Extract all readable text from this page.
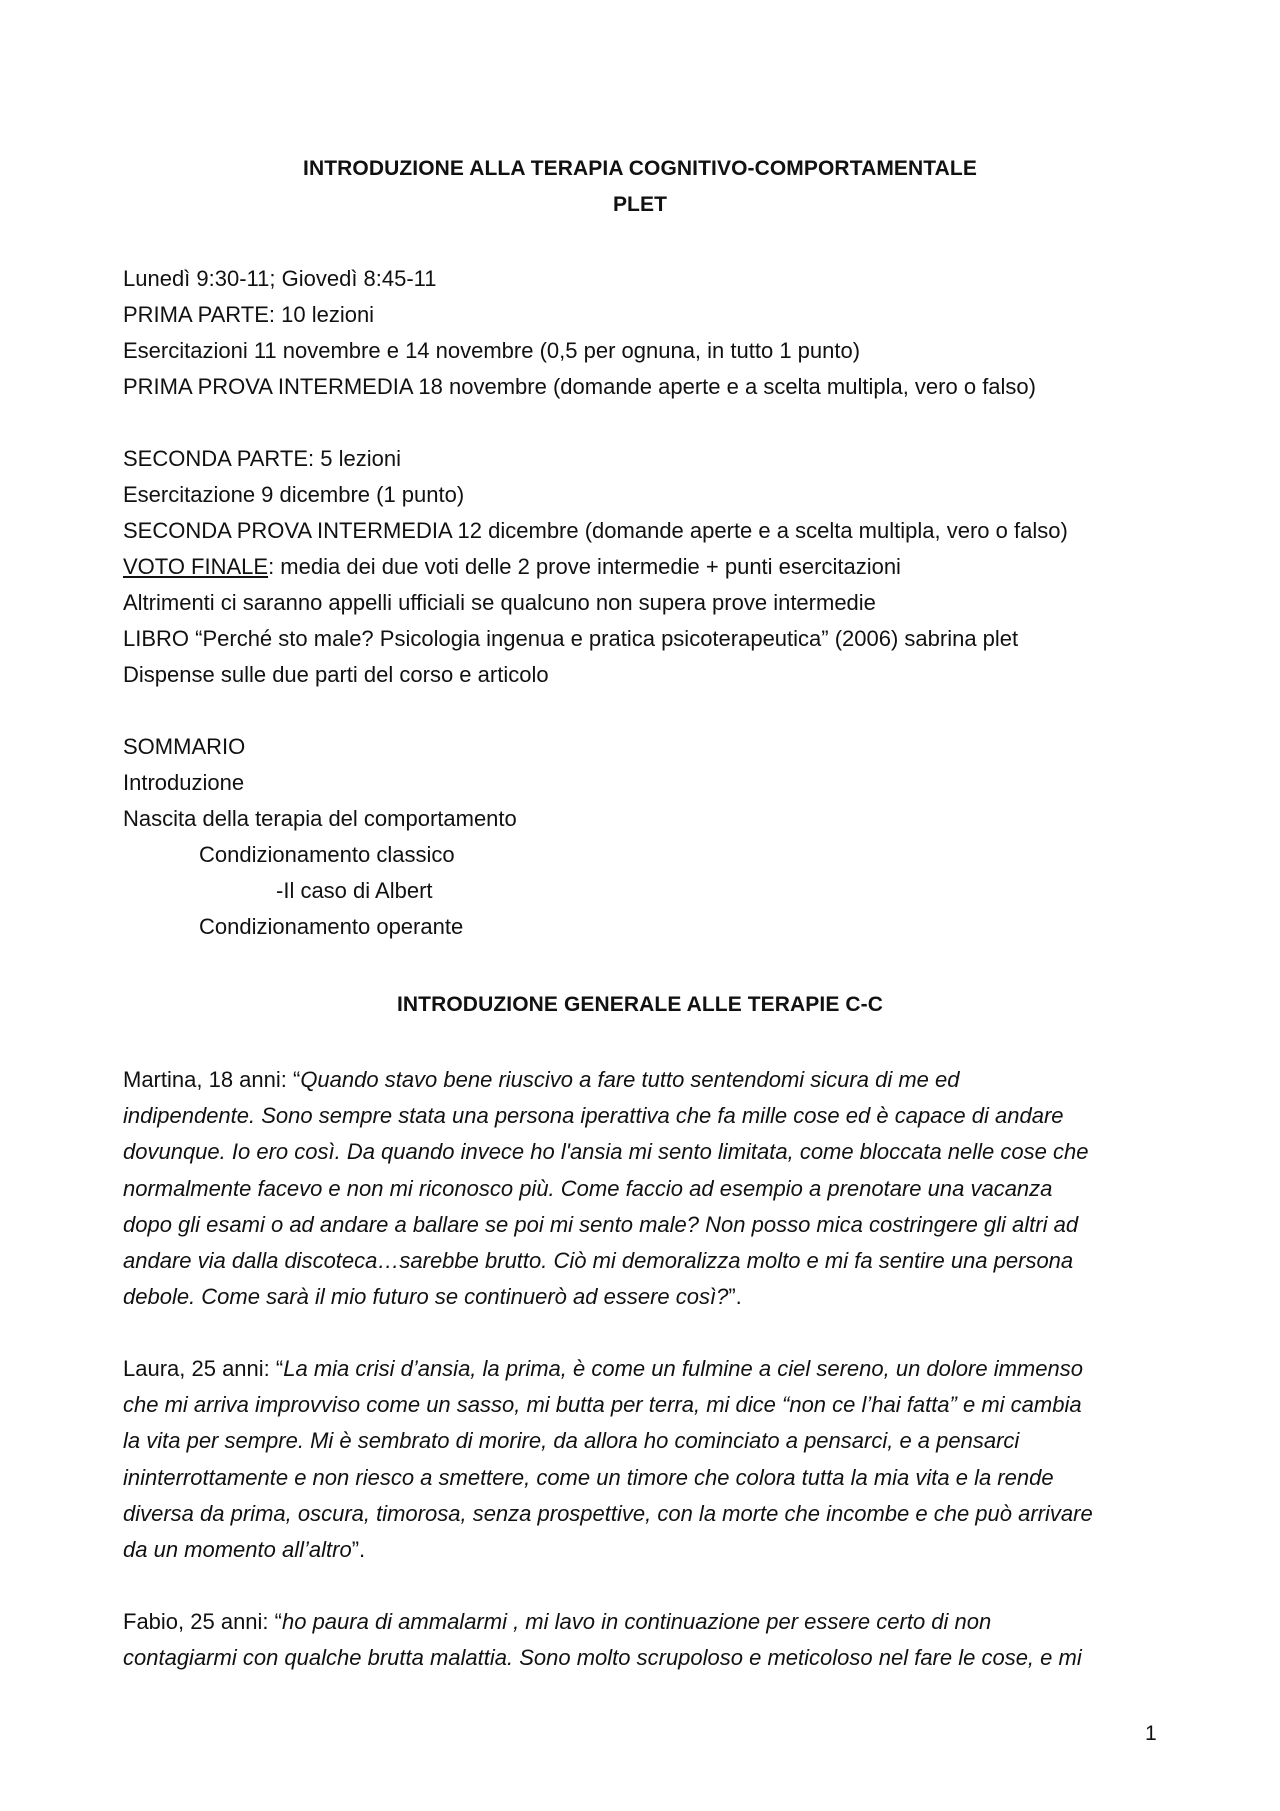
INTRODUZIONE ALLA TERAPIA COGNITIVO-COMPORTAMENTALE
PLET
Lunedì 9:30-11; Giovedì 8:45-11
PRIMA PARTE: 10 lezioni
Esercitazioni 11 novembre e 14 novembre (0,5 per ognuna, in tutto 1 punto)
PRIMA PROVA INTERMEDIA 18 novembre (domande aperte e a scelta multipla, vero o falso)
SECONDA PARTE: 5 lezioni
Esercitazione 9 dicembre (1 punto)
SECONDA PROVA INTERMEDIA 12 dicembre (domande aperte e a scelta multipla, vero o falso)
VOTO FINALE: media dei due voti delle 2 prove intermedie + punti esercitazioni
Altrimenti ci saranno appelli ufficiali se qualcuno non supera prove intermedie
LIBRO “Perché sto male? Psicologia ingenua e pratica psicoterapeutica” (2006) sabrina plet
Dispense sulle due parti del corso e articolo
SOMMARIO
Introduzione
Nascita della terapia del comportamento
Condizionamento classico
-Il caso di Albert
Condizionamento operante
INTRODUZIONE GENERALE ALLE TERAPIE C-C
Martina, 18 anni: “Quando stavo bene riuscivo a fare tutto sentendomi sicura di me ed
indipendente. Sono sempre stata una persona iperattiva che fa mille cose ed è capace di andare
dovunque. Io ero così. Da quando invece ho l'ansia mi sento limitata, come bloccata nelle cose che
normalmente facevo e non mi riconosco più. Come faccio ad esempio a prenotare una vacanza
dopo gli esami o ad andare a ballare se poi mi sento male? Non posso mica costringere gli altri ad
andare via dalla discoteca…sarebbe brutto. Ciò mi demoralizza molto e mi fa sentire una persona
debole. Come sarà il mio futuro se continuerò ad essere così?”.
Laura, 25 anni: “La mia crisi d’ansia, la prima, è come un fulmine a ciel sereno, un dolore immenso
che mi arriva improvviso come un sasso, mi butta per terra, mi dice “non ce l’hai fatta” e mi cambia
la vita per sempre. Mi è sembrato di morire, da allora ho cominciato a pensarci, e a pensarci
ininterrottamente e non riesco a smettere, come un timore che colora tutta la mia vita e la rende
diversa da prima, oscura, timorosa, senza prospettive, con la morte che incombe e che può arrivare
da un momento all’altro”.
Fabio, 25 anni: “ho paura di ammalarmi , mi lavo in continuazione per essere certo di non
contagiarmi con qualche brutta malattia. Sono molto scrupoloso e meticoloso nel fare le cose, e mi
1
